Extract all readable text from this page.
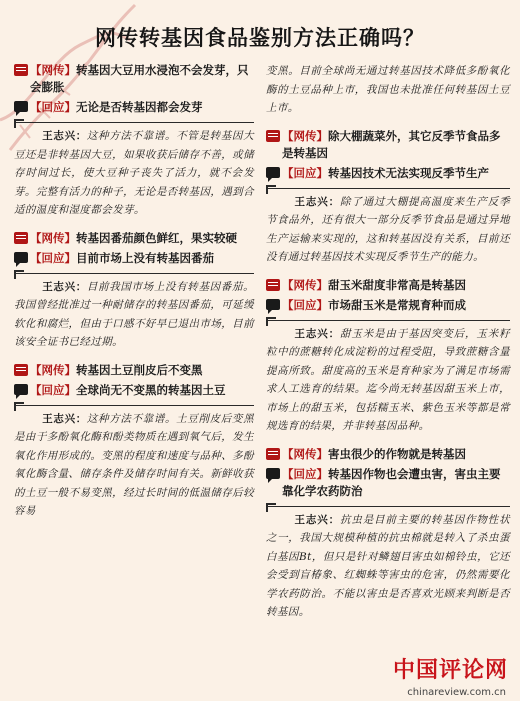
网传转基因食品鉴别方法正确吗？
【网传】转基因大豆用水浸泡不会发芽，只会膨胀
【回应】无论是否转基因都会发芽

王志兴：这种方法不靠谱。不管是转基因大豆还是非转基因大豆，如果收获后储存不善，或储存时间过长，使大豆种子丧失了活力，就不会发芽。完整有活力的种子，无论是否转基因，遇到合适的温度和湿度都会发芽。

【网传】转基因番茄颜色鲜红，果实较硬
【回应】目前市场上没有转基因番茄

王志兴：目前我国市场上没有转基因番茄。我国曾经批准过一种耐储存的转基因番茄，可延缓软化和腐烂，但由于口感不好早已退出市场，目前该安全证书已经过期。

【网传】转基因土豆削皮后不变黑
【回应】全球尚无不变黑的转基因土豆

王志兴：这种方法不靠谱。土豆削皮后变黑是由于多酚氧化酶和酚类物质在遇到氧气后，发生氧化作用形成的。变黑的程度和速度与品种、多酚氧化酶含量、储存条件及储存时间有关。新鲜收获的土豆一般不易变黑，经过长时间的低温储存后较容易

变黑。目前全球尚无通过转基因技术降低多酚氧化酶的土豆品种上市，我国也未批准任何转基因土豆上市。

【网传】除大棚蔬菜外，其它反季节食品多是转基因
【回应】转基因技术无法实现反季节生产

王志兴：除了通过大棚提高温度来生产反季节食品外，还有很大一部分反季节食品是通过异地生产运输来实现的，这和转基因没有关系，目前还没有通过转基因技术实现反季节生产的能力。

【网传】甜玉米甜度非常高是转基因
【回应】市场甜玉米是常规育种而成

王志兴：甜玉米是由于基因突变后，玉米籽粒中的蔗糖转化成淀粉的过程受阻，导致蔗糖含量提高所致。甜度高的玉米是育种家为了满足市场需求人工选育的结果。迄今尚无转基因甜玉米上市，市场上的甜玉米，包括糯玉米、紫色玉米等都是常规选育的结果，并非转基因品种。

【网传】害虫很少的作物就是转基因
【回应】转基因作物也会遭虫害，害虫主要靠化学农药防治

王志兴：抗虫是目前主要的转基因作物性状之一，我国大规模种植的抗虫棉就是转入了杀虫蛋白基因Bt，但只是针对鳞翅目害虫如棉铃虫，它还会受到盲椿象、红蜘蛛等害虫的危害，仍然需要化学农药防治。不能以害虫是否喜欢光顾来判断是否转基因。

中国评论网
chinareview.com.cn
